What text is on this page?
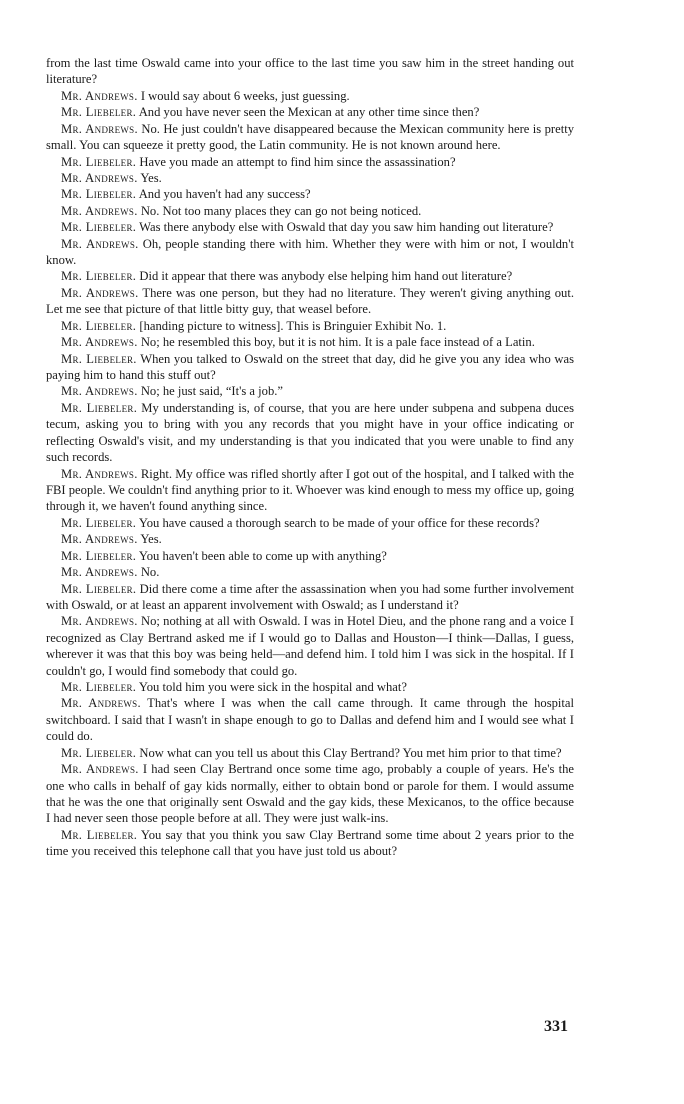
from the last time Oswald came into your office to the last time you saw him in the street handing out literature?

Mr. Andrews. I would say about 6 weeks, just guessing.

Mr. Liebeler. And you have never seen the Mexican at any other time since then?

Mr. Andrews. No. He just couldn't have disappeared because the Mexican community here is pretty small. You can squeeze it pretty good, the Latin community. He is not known around here.

Mr. Liebeler. Have you made an attempt to find him since the assassination?

Mr. Andrews. Yes.

Mr. Liebeler. And you haven't had any success?

Mr. Andrews. No. Not too many places they can go not being noticed.

Mr. Liebeler. Was there anybody else with Oswald that day you saw him handing out literature?

Mr. Andrews. Oh, people standing there with him. Whether they were with him or not, I wouldn't know.

Mr. Liebeler. Did it appear that there was anybody else helping him hand out literature?

Mr. Andrews. There was one person, but they had no literature. They weren't giving anything out. Let me see that picture of that little bitty guy, that weasel before.

Mr. Liebeler. [handing picture to witness]. This is Bringuier Exhibit No. 1.

Mr. Andrews. No; he resembled this boy, but it is not him. It is a pale face instead of a Latin.

Mr. Liebeler. When you talked to Oswald on the street that day, did he give you any idea who was paying him to hand this stuff out?

Mr. Andrews. No; he just said, “It's a job.”

Mr. Liebeler. My understanding is, of course, that you are here under subpena and subpena duces tecum, asking you to bring with you any records that you might have in your office indicating or reflecting Oswald's visit, and my understanding is that you indicated that you were unable to find any such records.

Mr. Andrews. Right. My office was rifled shortly after I got out of the hospital, and I talked with the FBI people. We couldn't find anything prior to it. Whoever was kind enough to mess my office up, going through it, we haven't found anything since.

Mr. Liebeler. You have caused a thorough search to be made of your office for these records?

Mr. Andrews. Yes.

Mr. Liebeler. You haven't been able to come up with anything?

Mr. Andrews. No.

Mr. Liebeler. Did there come a time after the assassination when you had some further involvement with Oswald, or at least an apparent involvement with Oswald; as I understand it?

Mr. Andrews. No; nothing at all with Oswald. I was in Hotel Dieu, and the phone rang and a voice I recognized as Clay Bertrand asked me if I would go to Dallas and Houston—I think—Dallas, I guess, wherever it was that this boy was being held—and defend him. I told him I was sick in the hospital. If I couldn't go, I would find somebody that could go.

Mr. Liebeler. You told him you were sick in the hospital and what?

Mr. Andrews. That's where I was when the call came through. It came through the hospital switchboard. I said that I wasn't in shape enough to go to Dallas and defend him and I would see what I could do.

Mr. Liebeler. Now what can you tell us about this Clay Bertrand? You met him prior to that time?

Mr. Andrews. I had seen Clay Bertrand once some time ago, probably a couple of years. He's the one who calls in behalf of gay kids normally, either to obtain bond or parole for them. I would assume that he was the one that originally sent Oswald and the gay kids, these Mexicanos, to the office because I had never seen those people before at all. They were just walk-ins.

Mr. Liebeler. You say that you think you saw Clay Bertrand some time about 2 years prior to the time you received this telephone call that you have just told us about?

331
